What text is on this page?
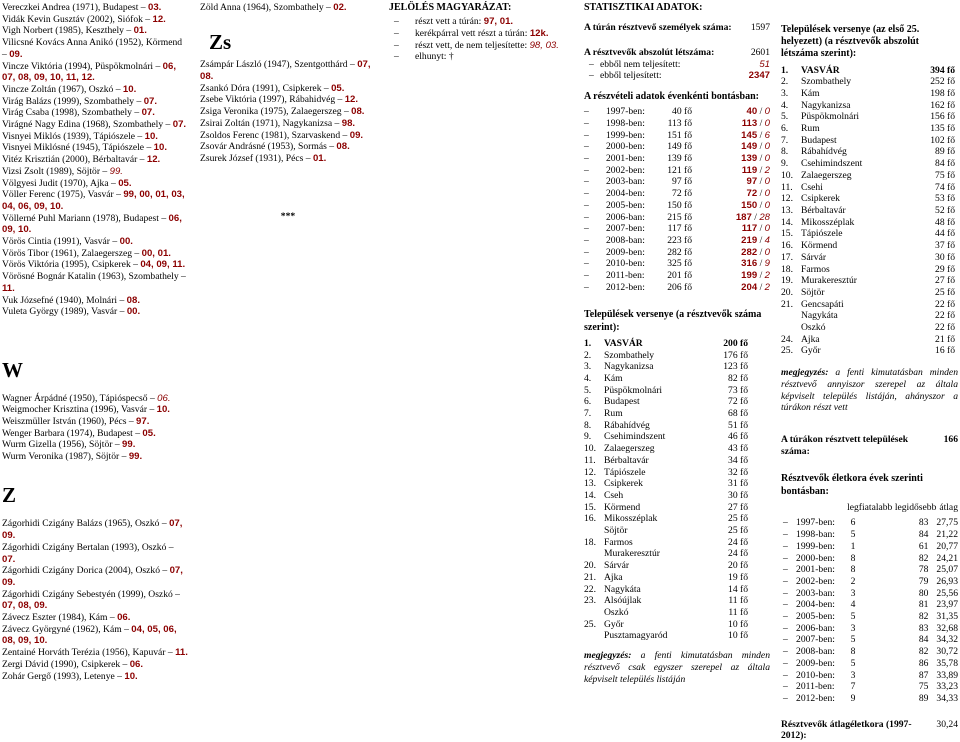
Vereczkei Andrea (1971), Budapest – 03.

Vidák Kevin Gusztáv (2002), Siófok – 12.

Vigh Norbert (1985), Keszthely – 01.

Vilicsné Kovács Anna Anikó (1952), Körmend – 09.

Vincze Viktória (1994), Püspökmolnári – 06, 07, 08, 09, 10, 11, 12.

Vincze Zoltán (1967), Oszkó – 10.

Virág Balázs (1999), Szombathely – 07.

Virág Csaba (1998), Szombathely – 07.

Virágné Nagy Edina (1968), Szombathely – 07.

Visnyei Miklós (1939), Tápiószele – 10.

Visnyei Miklósné (1945), Tápiószele – 10.

Vitéz Krisztián (2000), Bérbaltavár – 12.

Vizsi Zsolt (1989), Söjtör – 99.

Völgyesi Judit (1970), Ajka – 05.

Völler Ferenc (1975), Vasvár – 99, 00, 01, 03, 04, 06, 09, 10.

Völlerné Puhl Mariann (1978), Budapest – 06, 09, 10.

Vörös Cintia (1991), Vasvár – 00.

Vörös Tibor (1961), Zalaegerszeg – 00, 01.

Vörös Viktória (1995), Csipkerek – 04, 09, 11.

Vörösné Bognár Katalin (1963), Szombathely – 11.

Vuk Józsefné (1940), Molnári – 08.

Vuleta György (1989), Vasvár – 00.

W

Wagner Árpádné (1950), Tápióspecső – 06.

Weigmocher Krisztina (1996), Vasvár – 10.

Weiszmüller István (1960), Pécs – 97.

Wenger Barbara (1974), Budapest – 05.

Wurm Gizella (1956), Söjtör – 99.

Wurm Veronika (1987), Söjtör – 99.

Z

Zágorhidi Czigány Balázs (1965), Oszkó – 07, 09.

Zágorhidi Czigány Bertalan (1993), Oszkó – 07.

Zágorhidi Czigány Dorica (2004), Oszkó – 07, 09.

Zágorhidi Czigány Sebestyén (1999), Oszkó – 07, 08, 09.

Závecz Eszter (1984), Kám – 06.

Závecz Györgyné (1962), Kám – 04, 05, 06, 08, 09, 10.

Zentainé Horváth Terézia (1956), Kapuvár – 11.

Zergi Dávid (1990), Csipkerek – 06.

Zohár Gergő (1993), Letenye – 10.

Zöld Anna (1964), Szombathely – 02.

Zs

Zsámpár László (1947), Szentgotthárd – 07, 08.

Zsankó Dóra (1991), Csipkerek – 05.

Zsebe Viktória (1997), Rábahidvég – 12.

Zsiga Veronika (1975), Zalaegerszeg – 08.

Zsirai Zoltán (1971), Nagykanizsa – 98.

Zsoldos Ferenc (1981), Szarvaskend – 09.

Zsovár Andrásné (1953), Sormás – 08.

Zsurek József (1931), Pécs – 01.

***
JELÖLÉS MAGYARÁZAT:
– részt vett a túrán: 97, 01.
– kerékpárral vett részt a túrán: 12k.
– részt vett, de nem teljesítette: 98, 03.
– elhunyt: †
STATISZTIKAI ADATOK:
A túrán résztvevő személyek száma:	1597
A résztvevők abszolút létszáma:	2601
– ebből nem teljesített:	51
– ebből teljesített:	2347
A részvételi adatok évenkénti bontásban:
–	1997-ben:	40 fő	40 / 0
–	1998-ben:	113 fő	113 / 0
–	1999-ben:	151 fő	145 / 6
–	2000-ben:	149 fő	149 / 0
–	2001-ben:	139 fő	139 / 0
–	2002-ben:	121 fő	119 / 2
–	2003-ban:	97 fő	97 / 0
–	2004-ben:	72 fő	72 / 0
–	2005-ben:	150 fő	150 / 0
–	2006-ban:	215 fő	187 / 28
–	2007-ben:	117 fő	117 / 0
–	2008-ban:	223 fő	219 / 4
–	2009-ben:	282 fő	282 / 0
–	2010-ben:	325 fő	316 / 9
–	2011-ben:	201 fő	199 / 2
–	2012-ben:	206 fő	204 / 2
Települések versenye (a résztvevők száma szerint):
1.	VASVÁR	200 fő
2.	Szombathely	176 fő
3.	Nagykanizsa	123 fő
4.	Kám	82 fő
5.	Püspökmolnári	73 fő
6.	Budapest	72 fő
7.	Rum	68 fő
8.	Rábahídvég	51 fő
9.	Csehimindszent	46 fő
10.	Zalaegerszeg	43 fő
11.	Bérbaltavár	34 fő
12.	Tápiószele	32 fő
13.	Csipkerek	31 fő
14.	Cseh	30 fő
15.	Körmend	27 fő
16.	Mikosszéplak	25 fő
	Söjtör	25 fő
18.	Farmos	24 fő
	Murakeresztúr	24 fő
20.	Sárvár	20 fő
21.	Ajka	19 fő
22.	Nagykáta	14 fő
23.	Alsóújlak	11 fő
	Oszkó	11 fő
25.	Győr	10 fő
	Pusztamagyaród	10 fő
megjegyzés: a fenti kimutatásban minden résztvevő csak egyszer szerepel az általa képviselt település listáján
Települések versenye (az első 25. helyezett) (a résztvevők abszolút létszáma szerint):
1.	VASVÁR	394 fő
2.	Szombathely	252 fő
3.	Kám	198 fő
4.	Nagykanizsa	162 fő
5.	Püspökmolnári	156 fő
6.	Rum	135 fő
7.	Budapest	102 fő
8.	Rábahídvég	89 fő
9.	Csehimindszent	84 fő
10.	Zalaegerszeg	75 fő
11.	Csehi	74 fő
12.	Csipkerek	53 fő
13.	Bérbaltavár	52 fő
14.	Mikosszéplak	48 fő
15.	Tápiószele	44 fő
16.	Körmend	37 fő
17.	Sárvár	30 fő
18.	Farmos	29 fő
19.	Murakeresztúr	27 fő
20.	Söjtör	25 fő
21.	Gencsapáti	22 fő
	Nagykáta	22 fő
	Oszkó	22 fő
24.	Ajka	21 fő
25.	Győr	16 fő
megjegyzés: a fenti kimutatásban minden résztvevő annyiszor szerepel az általa képviselt település listáján, ahányszor a túrákon részt vett
A túrákon résztvett települések száma:
166
Résztvevők életkora évek szerinti bontásban:
		legfiatalabb	legidősebb	átlag
–	1997-ben:	6	83	27,75
–	1998-ban:	5	84	21,22
–	1999-ben:	1	61	20,77
–	2000-ben:	8	82	24,21
–	2001-ben:	8	78	25,07
–	2002-ben:	2	79	26,93
–	2003-ban:	3	80	25,56
–	2004-ben:	4	81	23,97
–	2005-ben:	5	82	31,35
–	2006-ban:	3	83	32,68
–	2007-ben:	5	84	34,32
–	2008-ban:	8	82	30,72
–	2009-ben:	5	86	35,78
–	2010-ben:	3	87	33,89
–	2011-ben:	7	75	33,23
–	2012-ben:	9	89	34,33
Résztvevők átlagéletkora (1997-2012):
30,24
